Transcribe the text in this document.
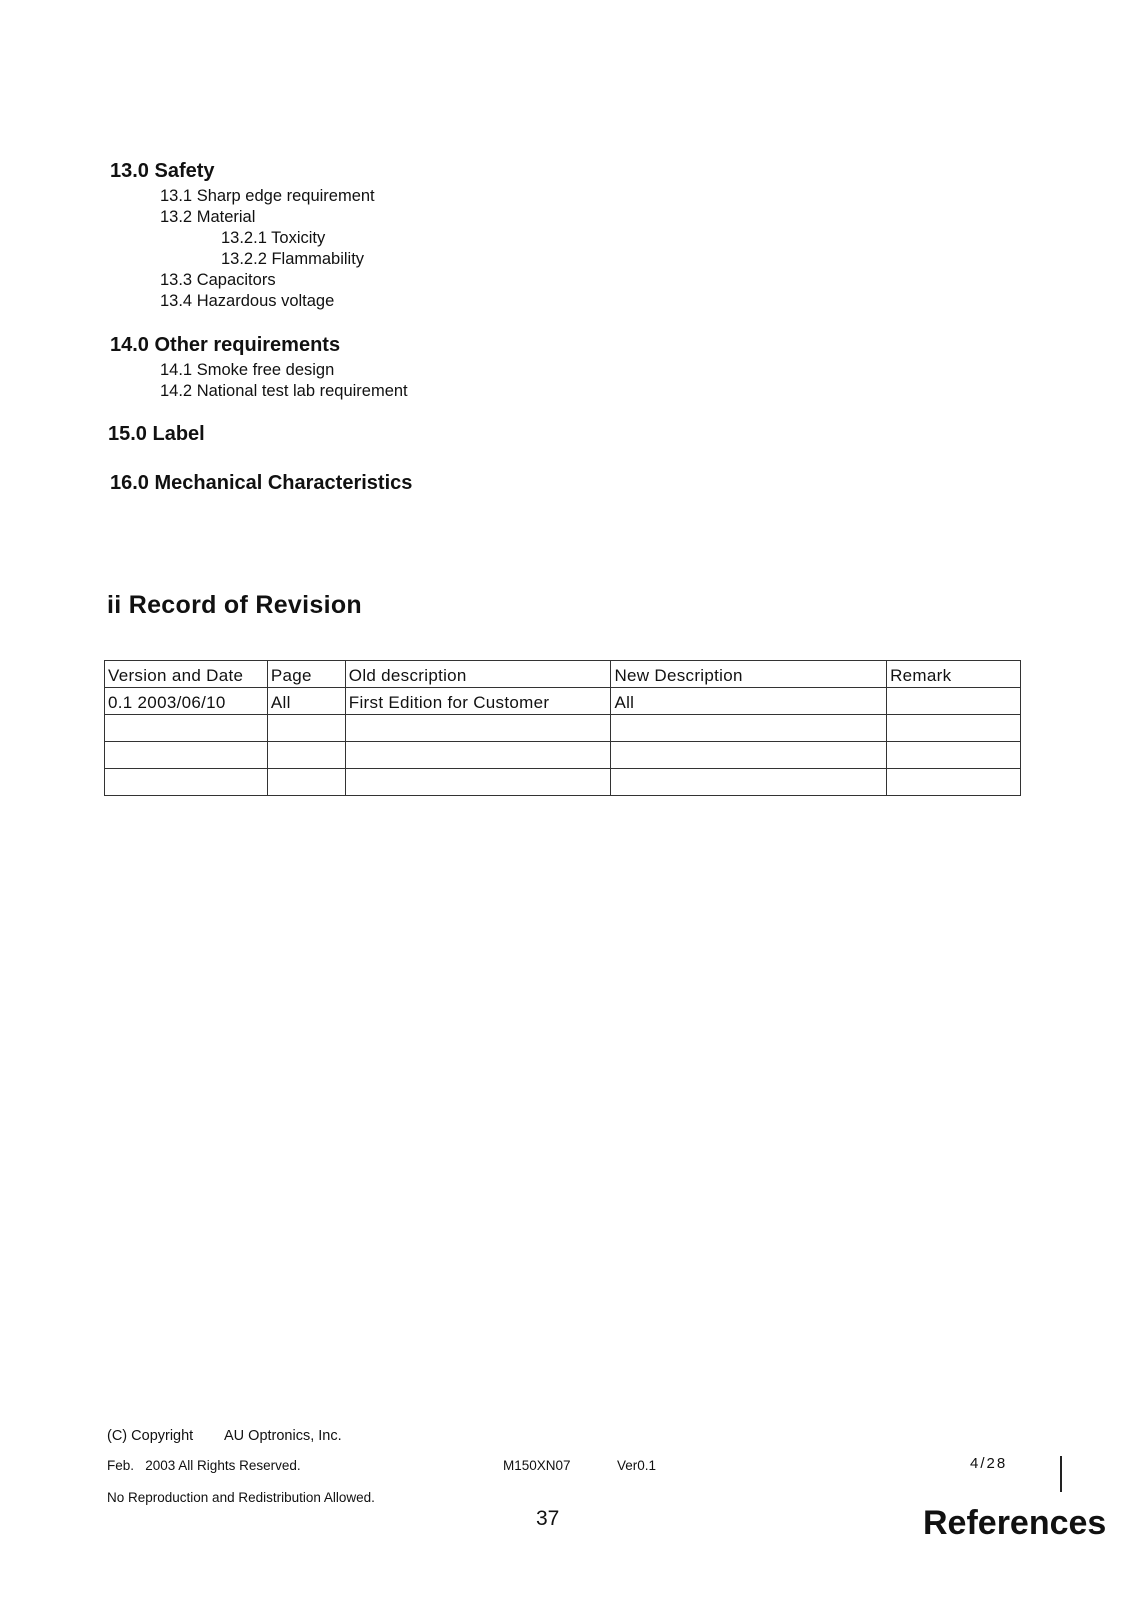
13.0 Safety
13.1 Sharp edge requirement
13.2 Material
13.2.1 Toxicity
13.2.2 Flammability
13.3 Capacitors
13.4 Hazardous voltage
14.0 Other requirements
14.1 Smoke free design
14.2 National test lab requirement
15.0 Label
16.0 Mechanical Characteristics
ii Record of Revision
Version and Date	Page	Old description	New Description	Remark
0.1 2003/06/10	All	First Edition for Customer	All	

(C) Copyright AU Optronics, Inc.
Feb.   2003 All Rights Reserved.	M150XN07	Ver0.1	4/28
No Reproduction and Redistribution Allowed.
37	References
